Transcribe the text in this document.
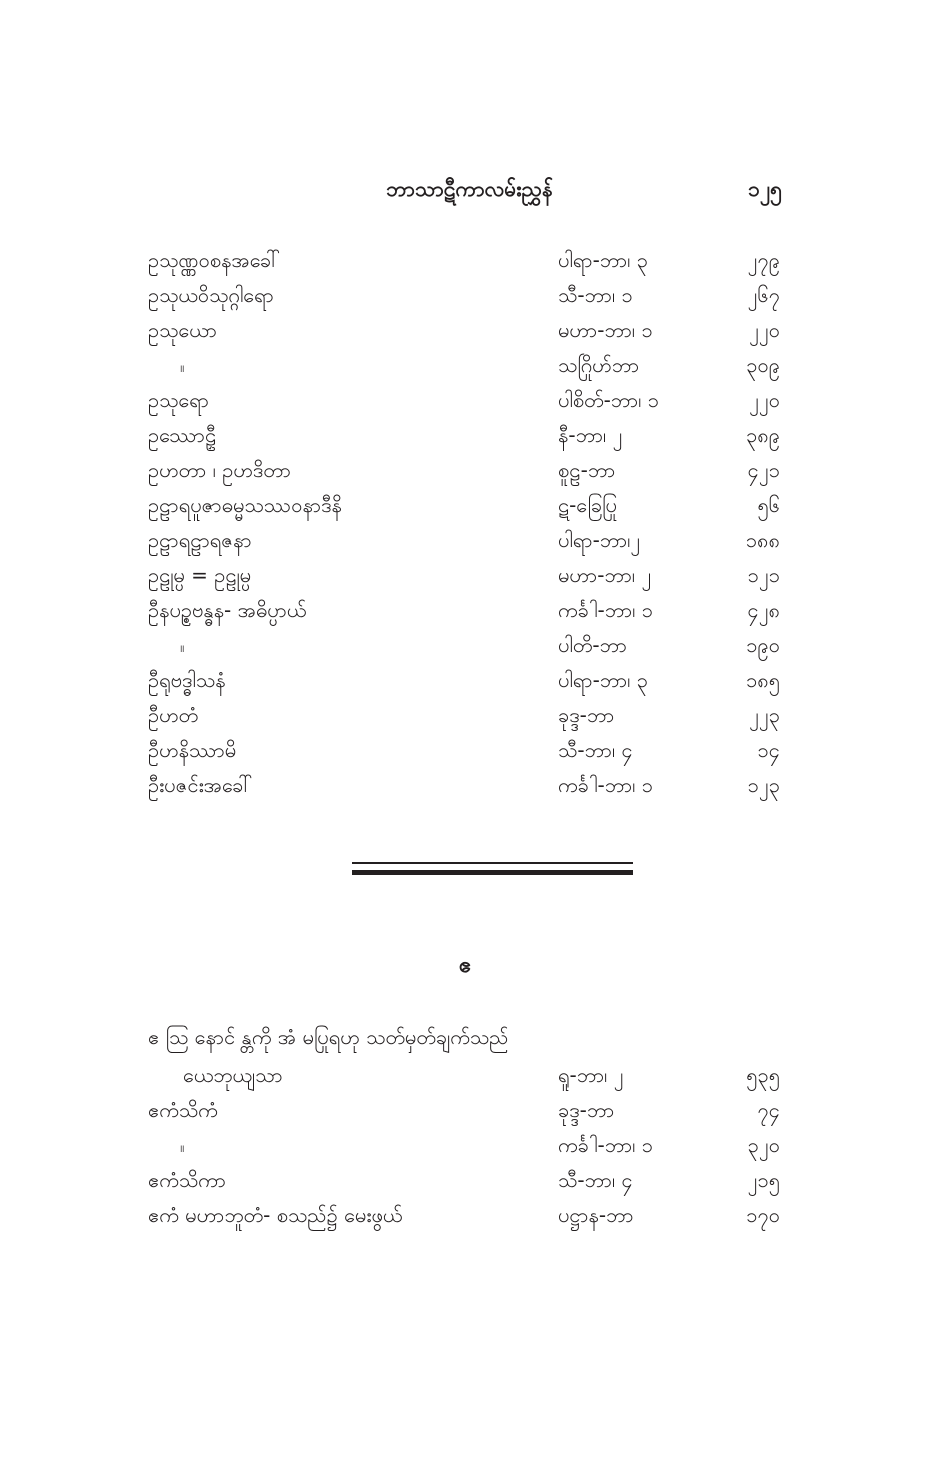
ဘာသာဋီကာလမ်းညွှန်	၁၂၅
ဥသုဏ္ဏဝစနအခေါ်	ပါရာ-ဘာ၊ ၃	၂၇၉
ဥသုယဝိသုဂ္ဂါရော	သီ-ဘာ၊ ၁	၂၆၇
ဥသုယော	မဟာ-ဘာ၊ ၁	၂၂၀
။	သဂြိုဟ်ဘာ	၃၀၉
ဥသုရော	ပါစိတ်-ဘာ၊ ၁	၂၂၀
ဥဿောဠှီ	နီ-ဘာ၊ ၂	၃၈၉
ဥဟတာ ၊ ဥဟဒိတာ	စူဠ-ဘာ	၄၂၁
ဥဠာရပူဇာဓမ္မသဿဝနာဒီနိ	ဋ-ခြေပြု	၅၆
ဥဠာရဠာရဇနာ	ပါရာ-ဘာ၊၂	၁၈၈
ဥဠုမ္ပ = ဥဠုမ္ပ	မဟာ-ဘာ၊ ၂	၁၂၁
ဦနပဥ္စဗန္ဓန- အဓိပ္ပာယ်	ကင်္ခါ-ဘာ၊ ၁	၄၂၈
။	ပါတိ-ဘာ	၁၉၀
ဦရုဗဒ္ဓါသနံ	ပါရာ-ဘာ၊ ၃	၁၈၅
ဦဟတံ	ခုဒ္ဒ-ဘာ	၂၂၃
ဦဟနိဿာမိ	သီ-ဘာ၊ ၄	၁၄
ဦးပဇင်းအခေါ်	ကင်္ခါ-ဘာ၊ ၁	၁၂၃
ဧ
ဧ ဩ နောင် န္တကို အံ မပြုရဟု သတ်မှတ်ချက်သည်
ယေဘုယျသာ	ရူ-ဘာ၊ ၂	၅၃၅
ဧကံသိကံ	ခုဒ္ဒ-ဘာ	၇၄
။	ကင်္ခါ-ဘာ၊ ၁	၃၂၀
ဧကံသိကာ	သီ-ဘာ၊ ၄	၂၁၅
ဧကံ မဟာဘူတံ- စသည်၌ မေးဖွယ်	ပဋ္ဌာန-ဘာ	၁၇၀
